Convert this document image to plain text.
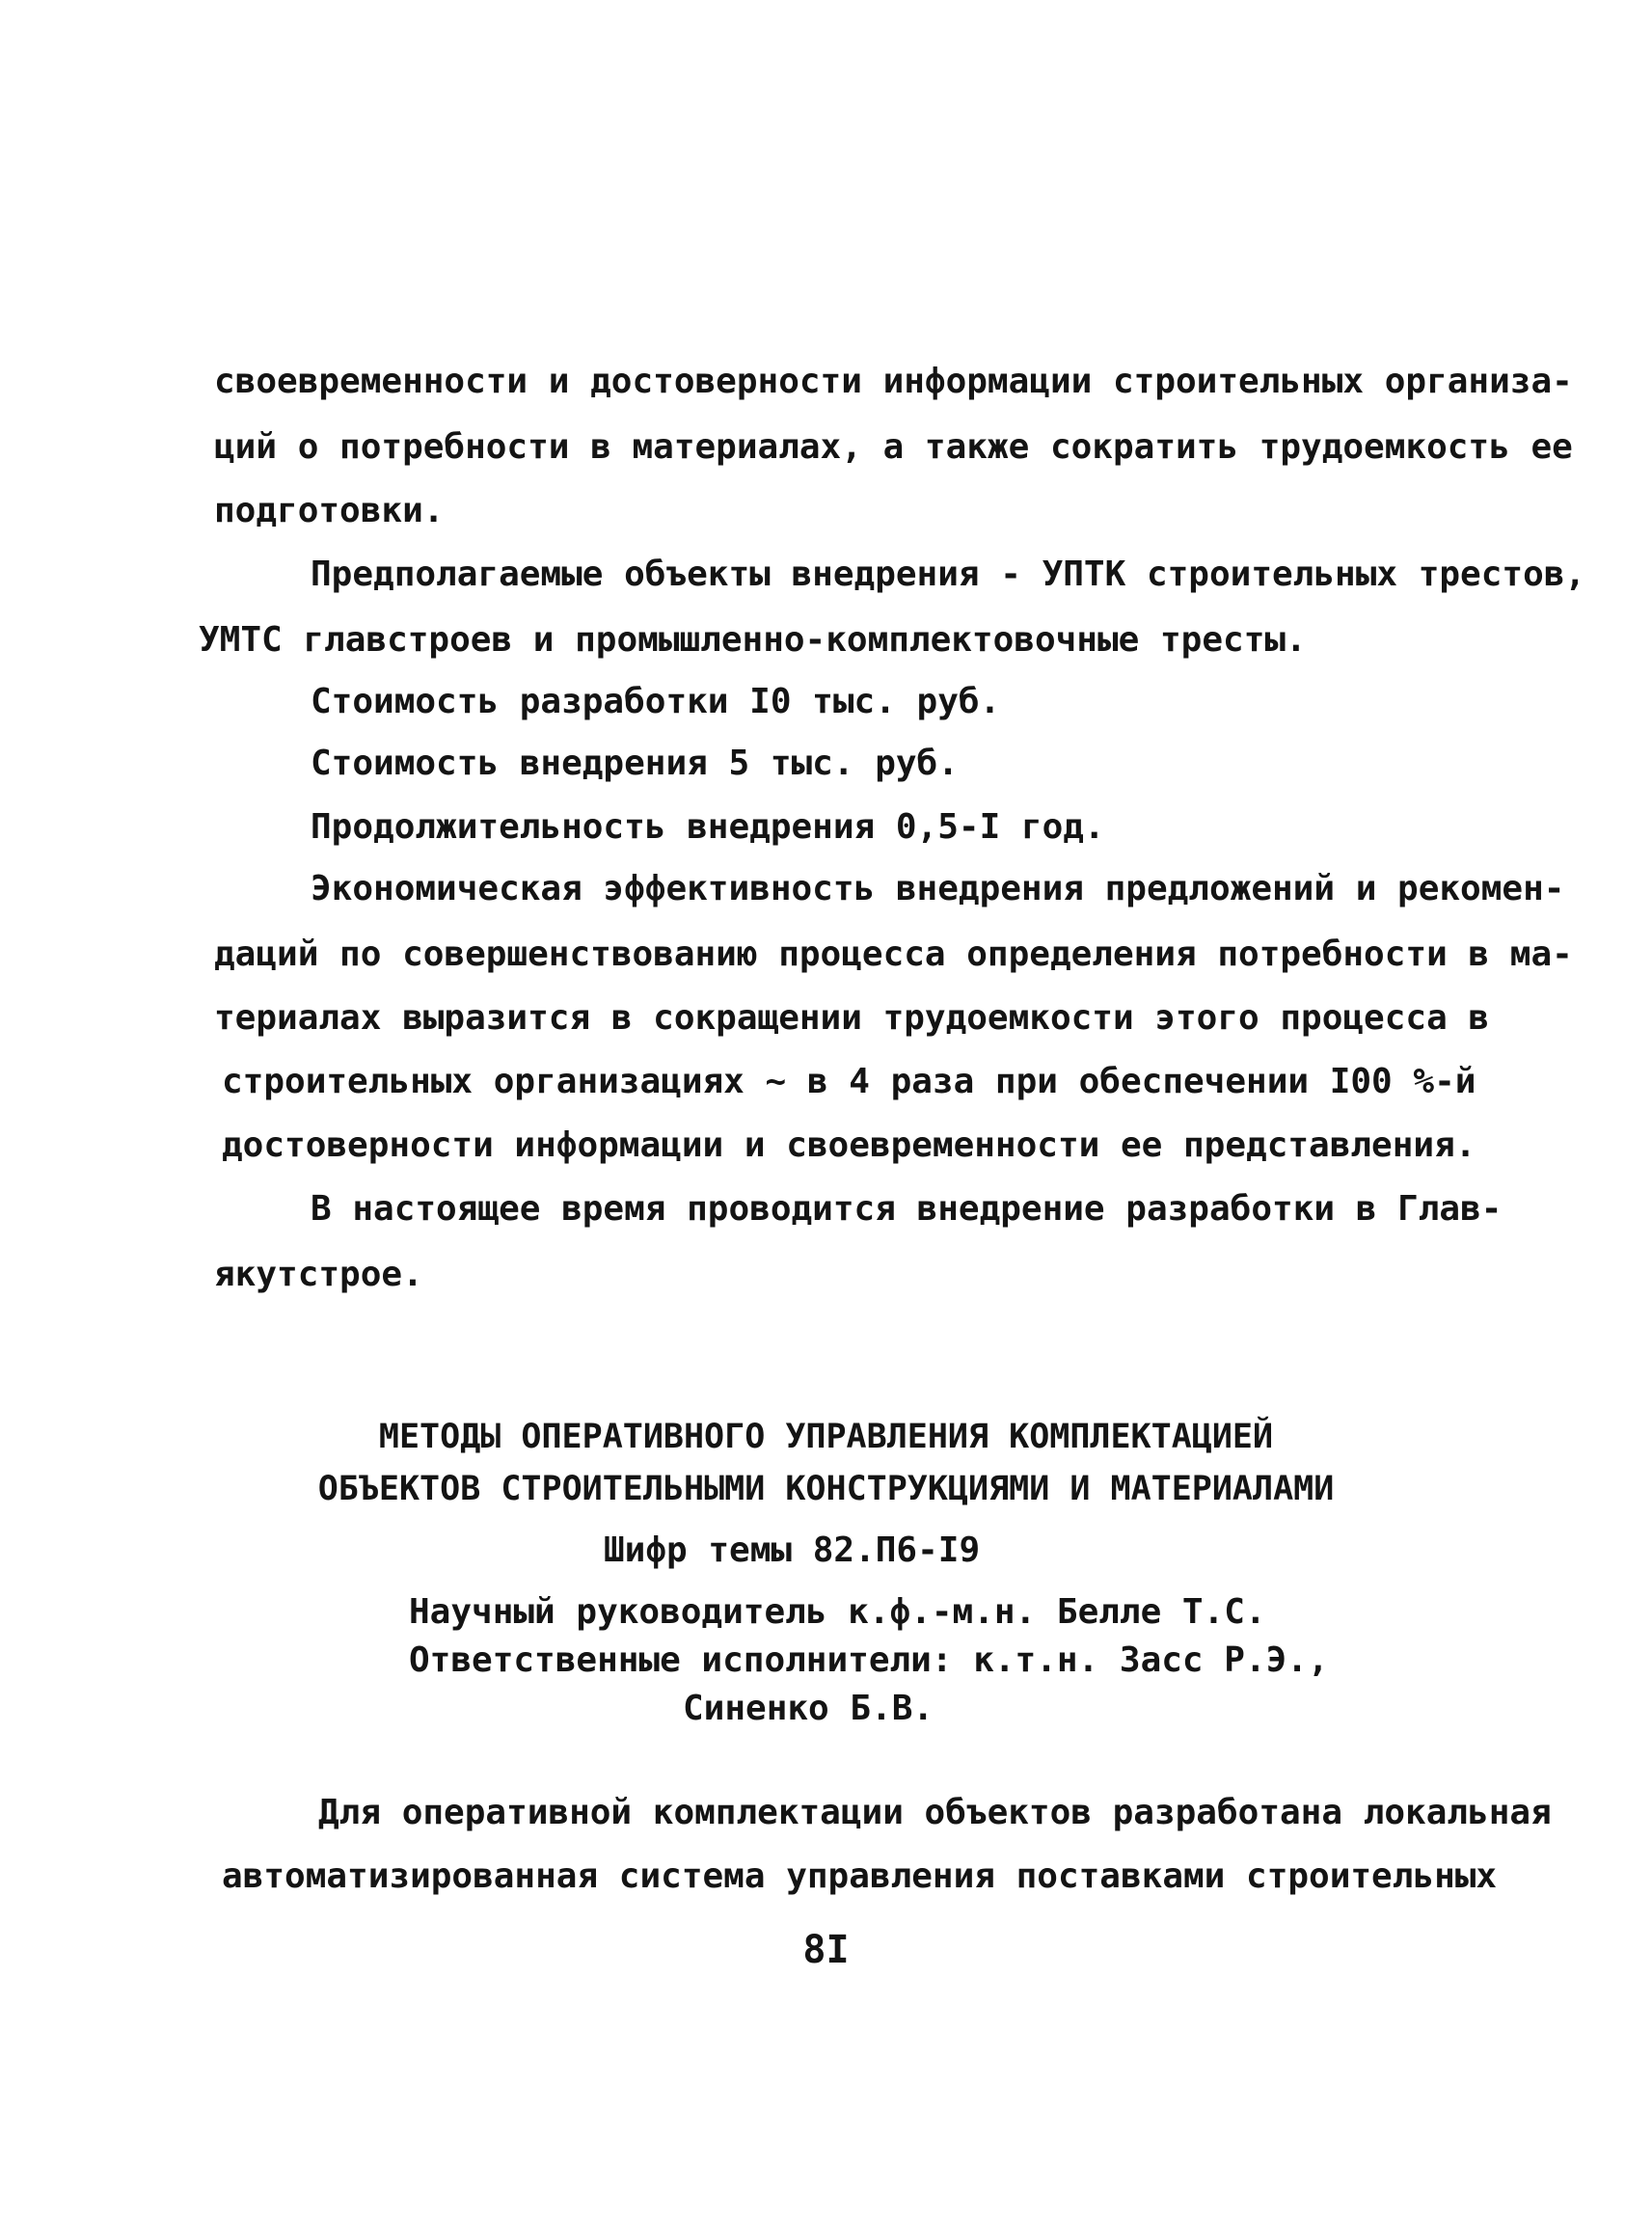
своевременности и достоверности информации строительных организа-
ций о потребности в материалах, а также сократить трудоемкость ее
подготовки.
Предполагаемые объекты внедрения - УПТК строительных трестов,
УМТС главстроев и промышленно-комплектовочные тресты.
Стоимость разработки I0 тыс. руб.
Стоимость внедрения 5 тыс. руб.
Продолжительность внедрения 0,5-I год.
Экономическая эффективность внедрения предложений и рекомен-
даций по совершенствованию процесса определения потребности в ма-
териалах выразится в сокращении трудоемкости этого процесса в
строительных организациях ~ в 4 раза при обеспечении I00 %-й
достоверности информации и своевременности ее представления.
В настоящее время проводится внедрение разработки в Глав-
якутстрое.
МЕТОДЫ ОПЕРАТИВНОГО УПРАВЛЕНИЯ КОМПЛЕКТАЦИЕЙ
ОБЪЕКТОВ СТРОИТЕЛЬНЫМИ КОНСТРУКЦИЯМИ И МАТЕРИАЛАМИ
Шифр темы 82.П6-I9
Научный руководитель к.ф.-м.н. Белле Т.С.
Ответственные исполнители: к.т.н. Засс Р.Э.,
Синенко Б.В.
Для оперативной комплектации объектов разработана локальная
автоматизированная система управления поставками строительных
8I
